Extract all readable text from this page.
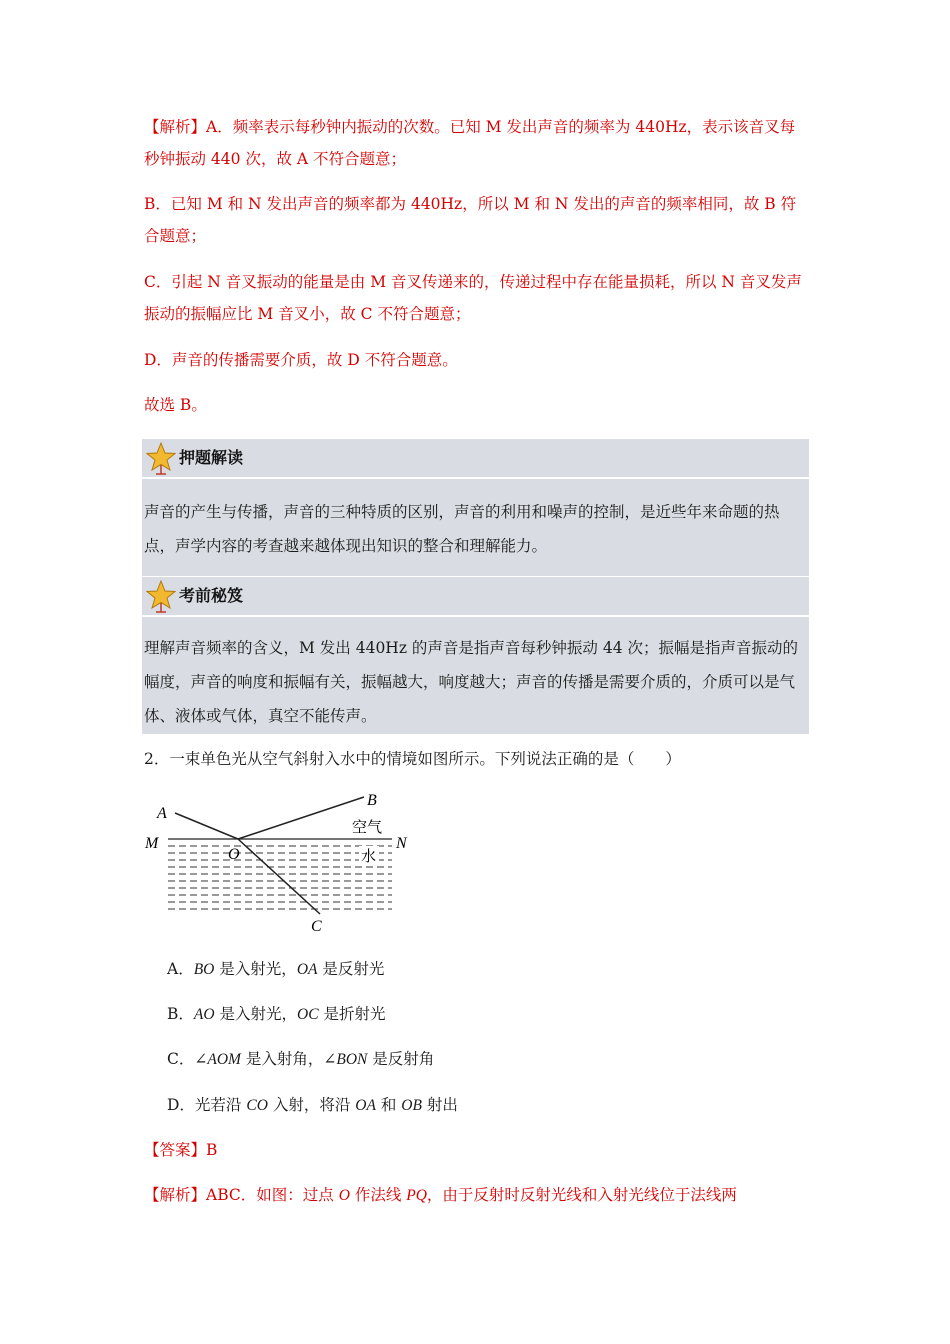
【解析】A．频率表示每秒钟内振动的次数。已知 M 发出声音的频率为 440Hz，表示该音叉每秒钟振动 440 次，故 A 不符合题意；

B．已知 M 和 N 发出声音的频率都为 440Hz，所以 M 和 N 发出的声音的频率相同，故 B 符合题意；

C．引起 N 音叉振动的能量是由 M 音叉传递来的，传递过程中存在能量损耗，所以 N 音叉发声振动的振幅应比 M 音叉小，故 C 不符合题意；

D．声音的传播需要介质，故 D 不符合题意。

故选 B。

押题解读

声音的产生与传播，声音的三种特质的区别，声音的利用和噪声的控制，是近些年来命题的热点，声学内容的考查越来越体现出知识的整合和理解能力。

考前秘笈

理解声音频率的含义，M 发出 440Hz 的声音是指声音每秒钟振动 44 次；振幅是指声音振动的幅度，声音的响度和振幅有关，振幅越大，响度越大；声音的传播是需要介质的，介质可以是气体、液体或气体，真空不能传声。

2．一束单色光从空气斜射入水中的情境如图所示。下列说法正确的是（　　）

A
B
C
M	N
O
空气
水
A．BO 是入射光，OA 是反射光
B．AO 是入射光，OC 是折射光
C．∠AOM 是入射角，∠BON 是反射角
D．光若沿 CO 入射，将沿 OA 和 OB 射出

【答案】B

【解析】ABC．如图：过点 O 作法线 PQ，由于反射时反射光线和入射光线位于法线两
